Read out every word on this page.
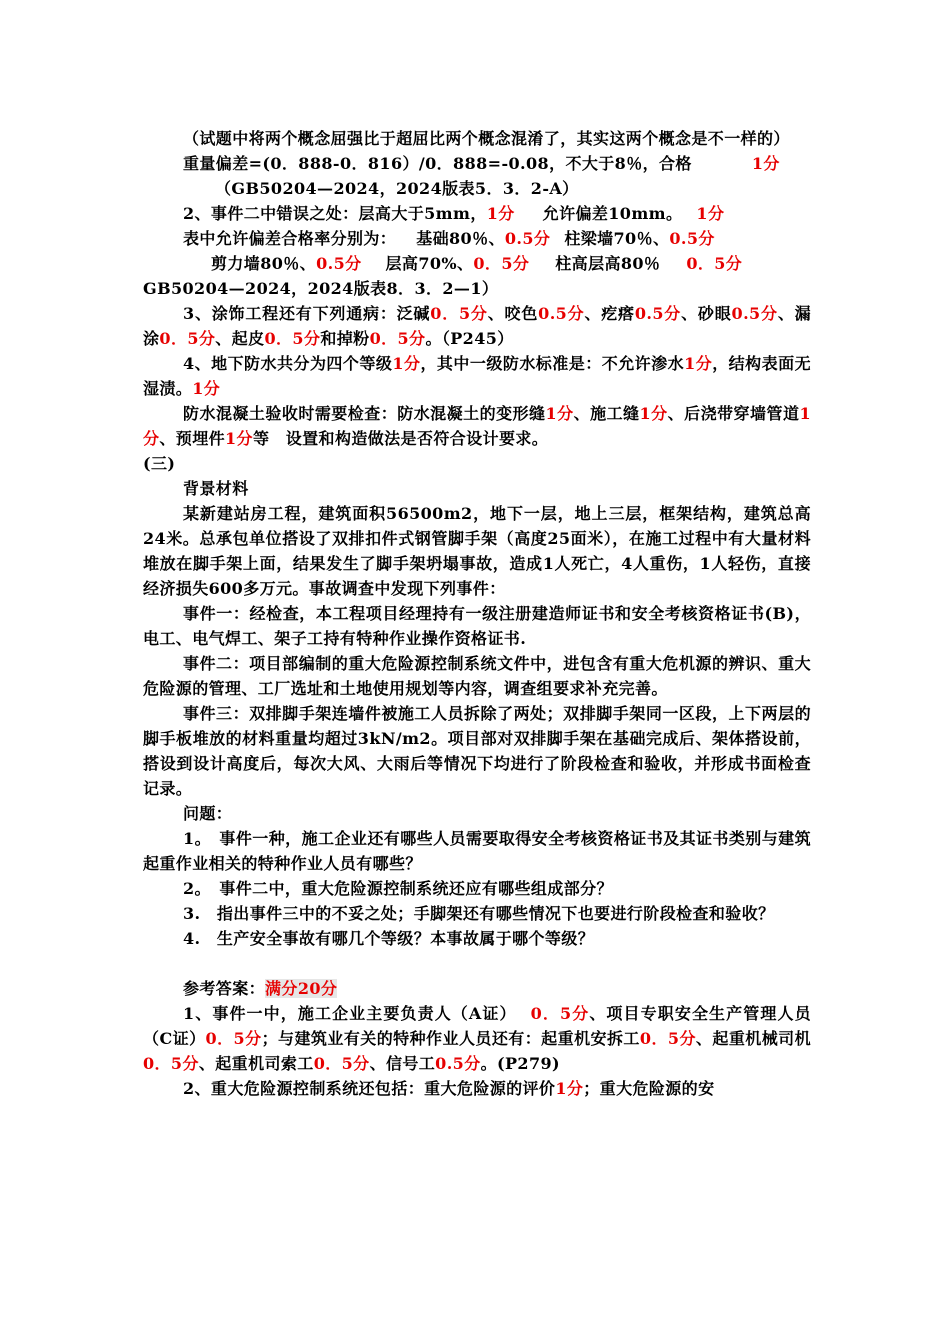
（试题中将两个概念屈强比于超屈比两个概念混淆了，其实这两个概念是不一样的）

重量偏差=(0．888-0．816）/0．888=-0.08，不大于8％，合格	1分

（GB50204—2024，2024版表5．3．2-A）

2、事件二中错误之处：层高大于5mm，1分 允许偏差10mm。 1分

表中允许偏差合格率分别为： 基础80％、0.5分 柱梁墙70％、0.5分

剪力墙80％、0.5分 层高70%、0．5分 柱高层高80％ 0．5分

GB50204—2024，2024版表8．3．2—1）

3、涂饰工程还有下列通病：泛碱0．5分、咬色0.5分、疙瘩0.5分、砂眼0.5分、漏涂0．5分、起皮0．5分和掉粉0．5分。（P245）

4、地下防水共分为四个等级1分，其中一级防水标准是：不允许渗水1分，结构表面无湿渍。1分

防水混凝土验收时需要检查：防水混凝土的变形缝1分、施工缝1分、后浇带穿墙管道1分、预埋件1分等　设置和构造做法是否符合设计要求。

(三)

背景材料

某新建站房工程，建筑面积56500m2，地下一层，地上三层，框架结构，建筑总高24米。总承包单位搭设了双排扣件式钢管脚手架（高度25面米），在施工过程中有大量材料堆放在脚手架上面，结果发生了脚手架坍塌事故，造成1人死亡，4人重伤，1人轻伤，直接经济损失600多万元。事故调查中发现下列事件：

事件一：经检查，本工程项目经理持有一级注册建造师证书和安全考核资格证书(B)，电工、电气焊工、架子工持有特种作业操作资格证书.

事件二：项目部编制的重大危险源控制系统文件中，进包含有重大危机源的辨识、重大危险源的管理、工厂选址和土地使用规划等内容，调查组要求补充完善。

事件三：双排脚手架连墙件被施工人员拆除了两处；双排脚手架同一区段，上下两层的脚手板堆放的材料重量均超过3kN/m2。项目部对双排脚手架在基础完成后、架体搭设前，搭设到设计高度后，每次大风、大雨后等情况下均进行了阶段检查和验收，并形成书面检查记录。

问题：

1。　事件一种，施工企业还有哪些人员需要取得安全考核资格证书及其证书类别与建筑起重作业相关的特种作业人员有哪些？

2。　事件二中，重大危险源控制系统还应有哪些组成部分？

3.　指出事件三中的不妥之处；手脚架还有哪些情况下也要进行阶段检查和验收？

4.　生产安全事故有哪几个等级？本事故属于哪个等级？

参考答案：满分20分

1、事件一中，施工企业主要负责人（A证） 0．5分、项目专职安全生产管理人员（C证）0．5分；与建筑业有关的特种作业人员还有：起重机安拆工0．5分、起重机械司机0．5分、起重机司索工0．5分、信号工0.5分。(P279)

2、重大危险源控制系统还包括：重大危险源的评价1分；重大危险源的安
